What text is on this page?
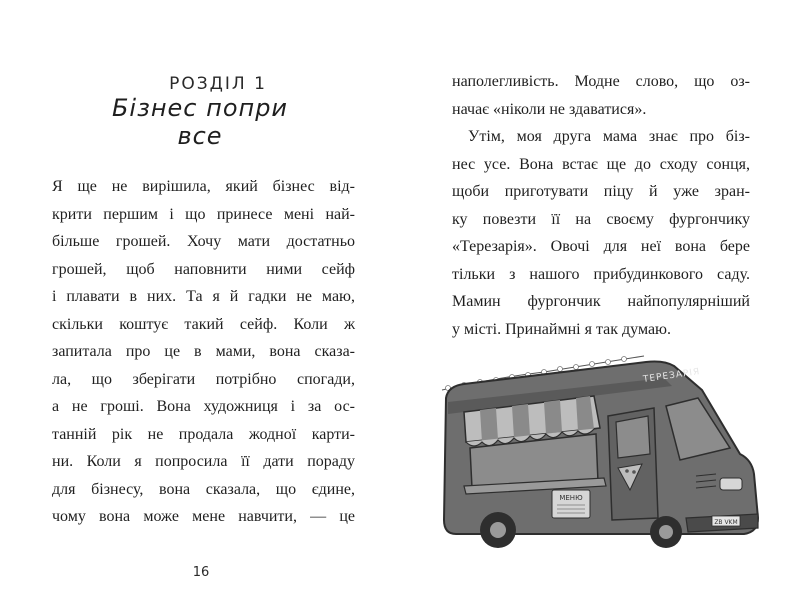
РОЗДІЛ 1
Бізнес попри все
Я ще не вирішила, який бізнес від-
крити першим і що принесе мені най-
більше грошей. Хочу мати достатньо
грошей, щоб наповнити ними сейф
і плавати в них. Та я й гадки не маю,
скільки коштує такий сейф. Коли ж
запитала про це в мами, вона сказа-
ла, що зберігати потрібно спогади,
а не гроші. Вона художниця і за ос-
танній рік не продала жодної карти-
ни. Коли я попросила її дати пораду
для бізнесу, вона сказала, що єдине,
чому вона може мене навчити, — це
16
наполегливість. Модне слово, що оз-
начає «ніколи не здаватися».
Утім, моя друга мама знає про біз-
нес усе. Вона встає ще до сходу сонця,
щоби приготувати піцу й уже зран-
ку повезти її на своєму фургончику
«Терезарія». Овочі для неї вона бере
тільки з нашого прибудинкового саду.
Мамин фургончик найпопулярніший
у місті. Принаймні я так думаю.
МЕНЮ
ТЕРЕЗАРІЯ
ZB VKM
